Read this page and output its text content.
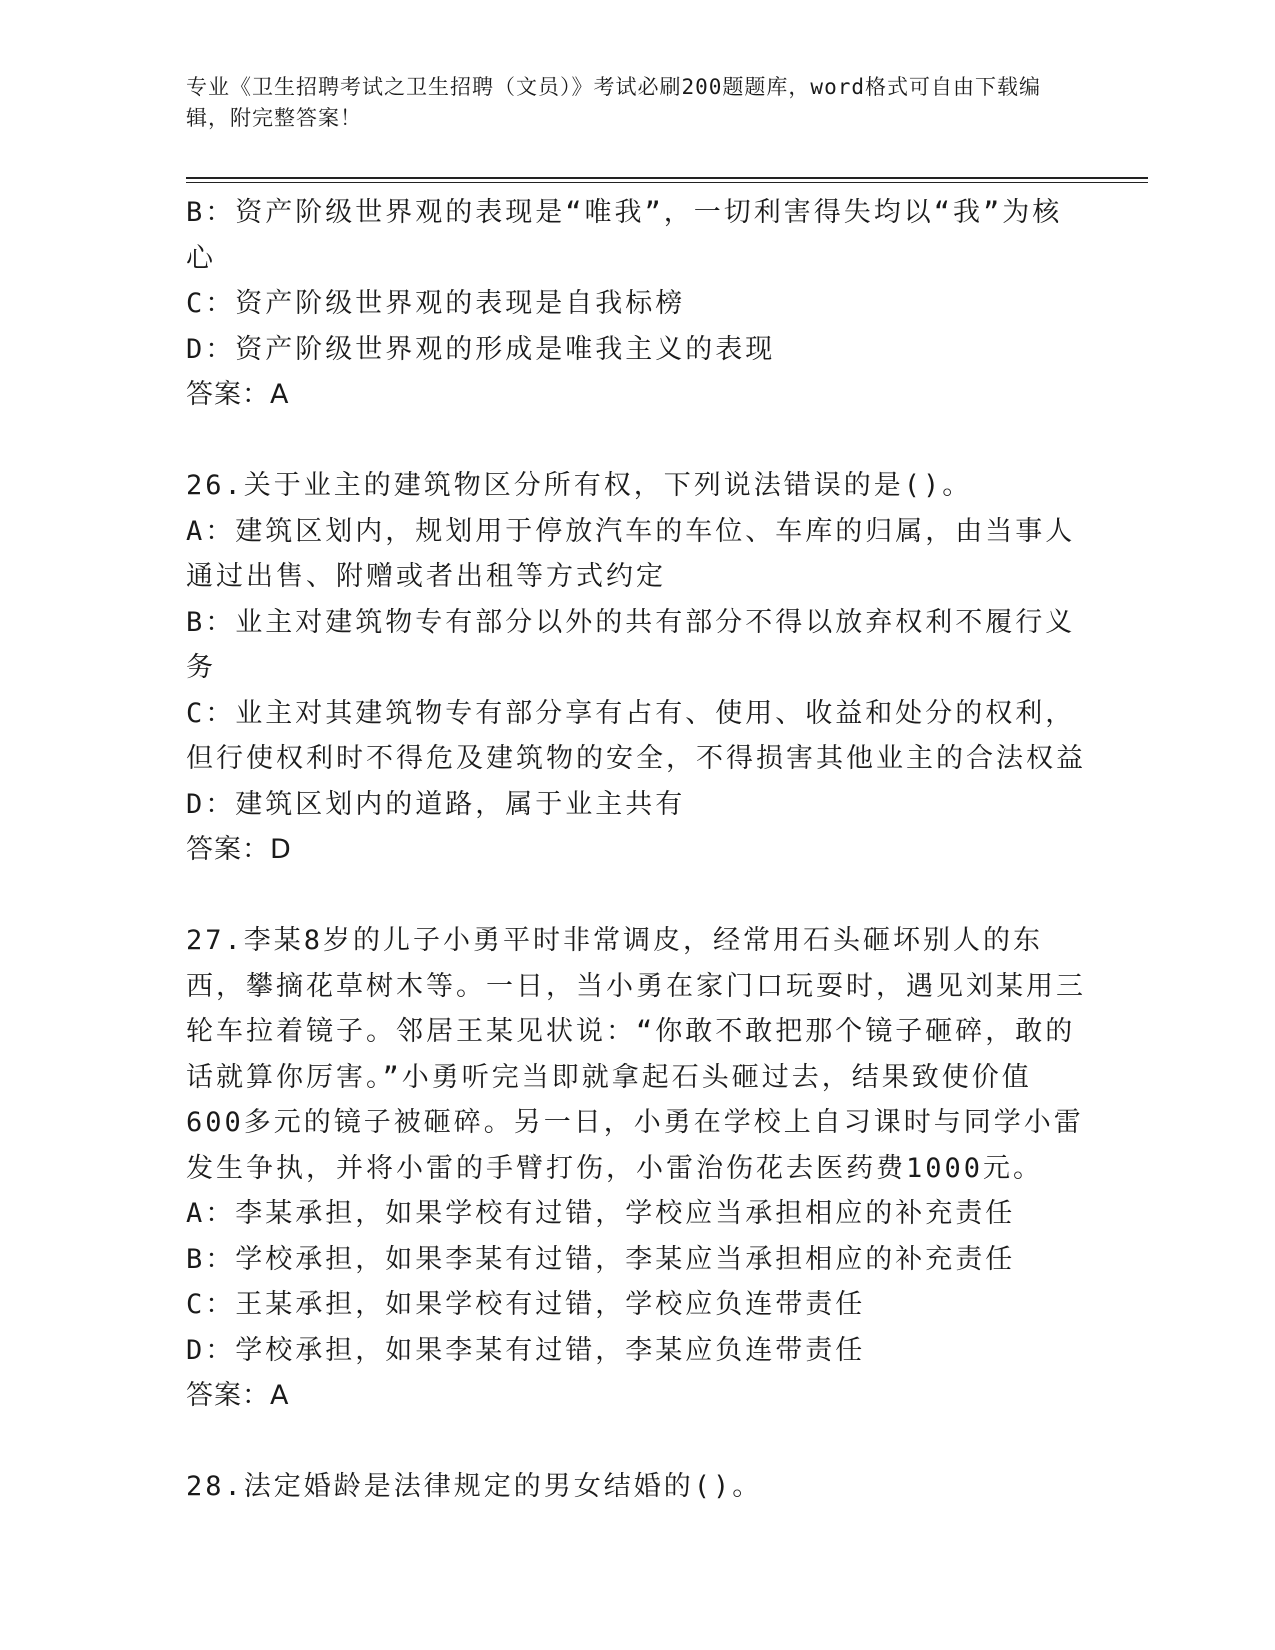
专业《卫生招聘考试之卫生招聘（文员）》考试必刷200题题库，word格式可自由下载编辑，附完整答案！

B：资产阶级世界观的表现是“唯我”，一切利害得失均以“我”为核心

C：资产阶级世界观的表现是自我标榜

D：资产阶级世界观的形成是唯我主义的表现

答案：A

26.关于业主的建筑物区分所有权，下列说法错误的是()。

A：建筑区划内，规划用于停放汽车的车位、车库的归属，由当事人通过出售、附赠或者出租等方式约定

B：业主对建筑物专有部分以外的共有部分不得以放弃权利不履行义务

C：业主对其建筑物专有部分享有占有、使用、收益和处分的权利，但行使权利时不得危及建筑物的安全，不得损害其他业主的合法权益

D：建筑区划内的道路，属于业主共有

答案：D

27.李某8岁的儿子小勇平时非常调皮，经常用石头砸坏别人的东西，攀摘花草树木等。一日，当小勇在家门口玩耍时，遇见刘某用三轮车拉着镜子。邻居王某见状说：“你敢不敢把那个镜子砸碎，敢的话就算你厉害。”小勇听完当即就拿起石头砸过去，结果致使价值600多元的镜子被砸碎。另一日，小勇在学校上自习课时与同学小雷发生争执，并将小雷的手臂打伤，小雷治伤花去医药费1000元。

A：李某承担，如果学校有过错，学校应当承担相应的补充责任

B：学校承担，如果李某有过错，李某应当承担相应的补充责任

C：王某承担，如果学校有过错，学校应负连带责任

D：学校承担，如果李某有过错，李某应负连带责任

答案：A

28.法定婚龄是法律规定的男女结婚的()。
